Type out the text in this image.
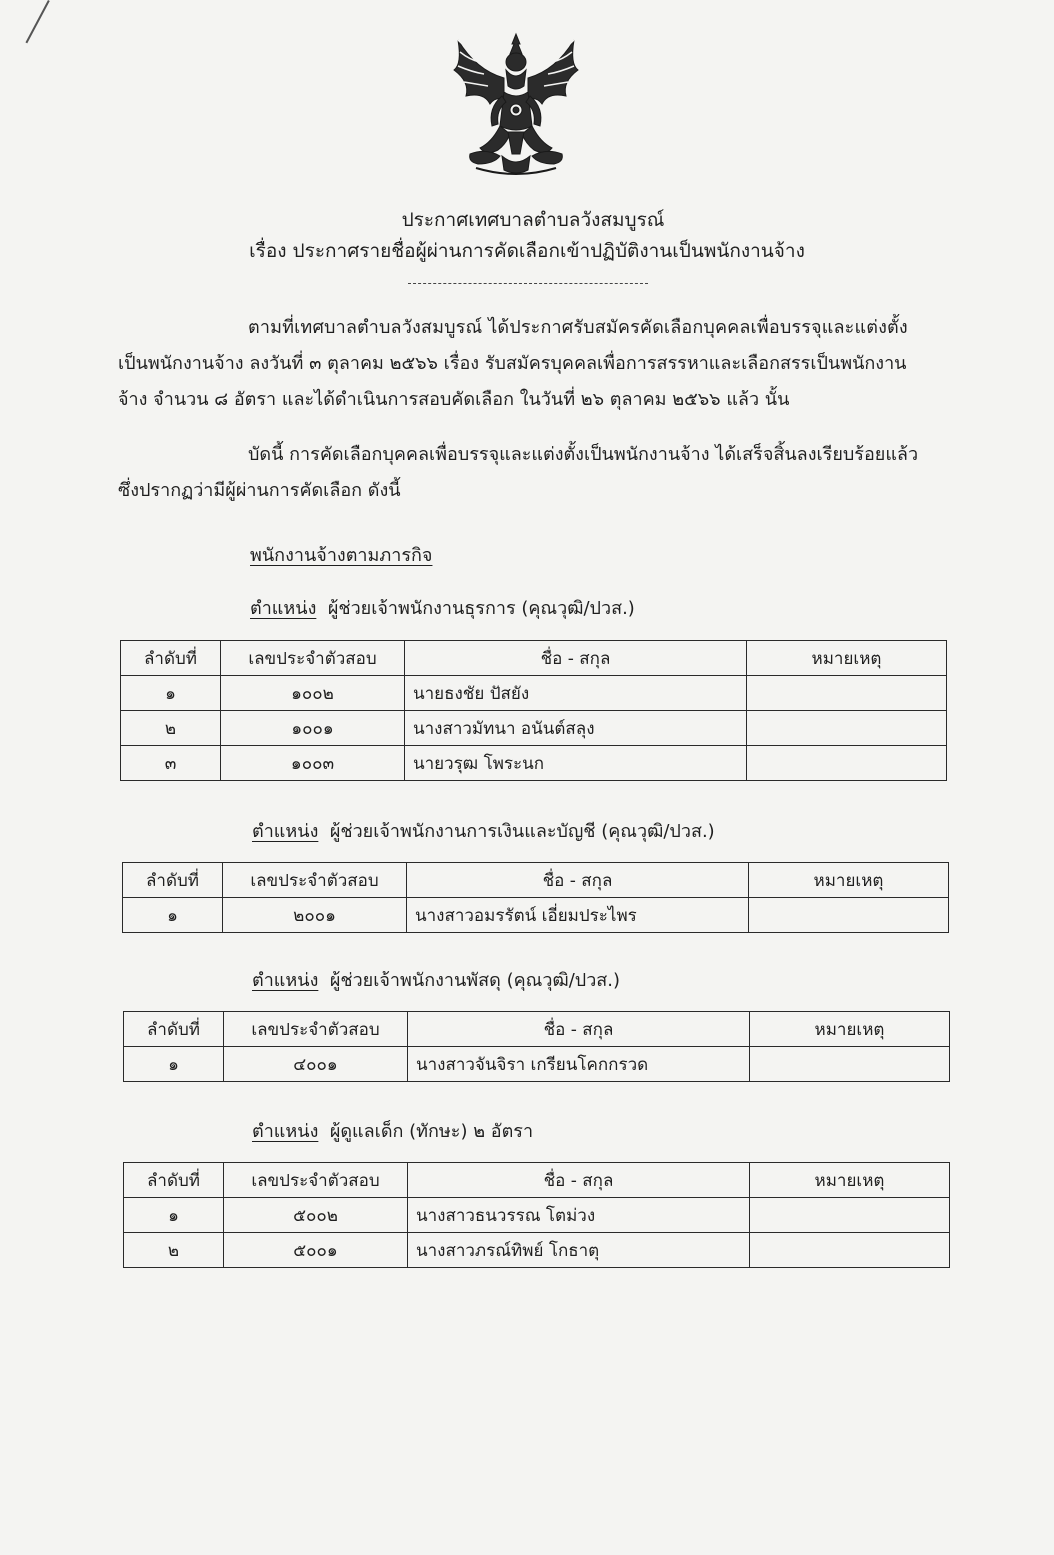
ประกาศเทศบาลตำบลวังสมบูรณ์
เรื่อง ประกาศรายชื่อผู้ผ่านการคัดเลือกเข้าปฏิบัติงานเป็นพนักงานจ้าง
ตามที่เทศบาลตำบลวังสมบูรณ์ ได้ประกาศรับสมัครคัดเลือกบุคคลเพื่อบรรจุและแต่งตั้ง
เป็นพนักงานจ้าง ลงวันที่ ๓ ตุลาคม ๒๕๖๖ เรื่อง รับสมัครบุคคลเพื่อการสรรหาและเลือกสรรเป็นพนักงาน
จ้าง จำนวน ๘ อัตรา และได้ดำเนินการสอบคัดเลือก ในวันที่ ๒๖ ตุลาคม ๒๕๖๖ แล้ว นั้น
บัดนี้ การคัดเลือกบุคคลเพื่อบรรจุและแต่งตั้งเป็นพนักงานจ้าง ได้เสร็จสิ้นลงเรียบร้อยแล้ว
ซึ่งปรากฏว่ามีผู้ผ่านการคัดเลือก ดังนี้
พนักงานจ้างตามภารกิจ
ตำแหน่ง ผู้ช่วยเจ้าพนักงานธุรการ (คุณวุฒิ/ปวส.)
ลำดับที่	เลขประจำตัวสอบ	ชื่อ - สกุล	หมายเหตุ
๑	๑๐๐๒	นายธงชัย ปัสยัง	
๒	๑๐๐๑	นางสาวมัทนา อนันต์สลุง	
๓	๑๐๐๓	นายวรุฒ โพระนก	
ตำแหน่ง ผู้ช่วยเจ้าพนักงานการเงินและบัญชี (คุณวุฒิ/ปวส.)
ลำดับที่	เลขประจำตัวสอบ	ชื่อ - สกุล	หมายเหตุ
๑	๒๐๐๑	นางสาวอมรรัตน์ เอี่ยมประไพร	
ตำแหน่ง ผู้ช่วยเจ้าพนักงานพัสดุ (คุณวุฒิ/ปวส.)
ลำดับที่	เลขประจำตัวสอบ	ชื่อ - สกุล	หมายเหตุ
๑	๔๐๐๑	นางสาวจันจิรา เกรียนโคกกรวด	
ตำแหน่ง ผู้ดูแลเด็ก (ทักษะ) ๒ อัตรา
ลำดับที่	เลขประจำตัวสอบ	ชื่อ - สกุล	หมายเหตุ
๑	๕๐๐๒	นางสาวธนวรรณ โตม่วง	
๒	๕๐๐๑	นางสาวภรณ์ทิพย์ โกธาตุ	
